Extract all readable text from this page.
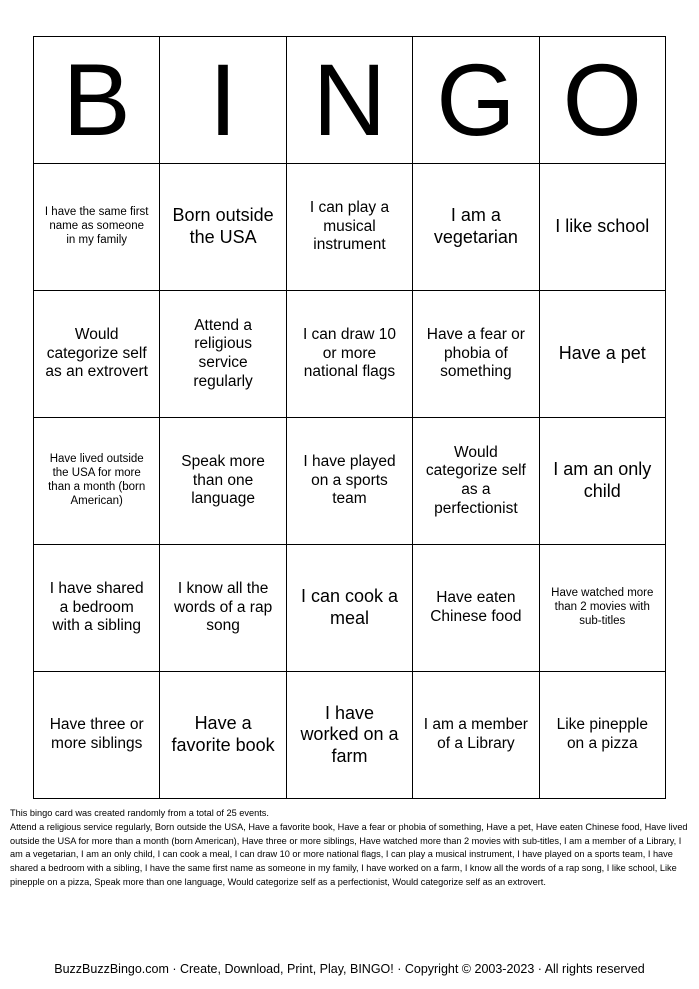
B	I	N	G	O
I have the same first name as someone in my family	Born outside the USA	I can play a musical instrument	I am a vegetarian	I like school
Would categorize self as an extrovert	Attend a religious service regularly	I can draw 10 or more national flags	Have a fear or phobia of something	Have a pet
Have lived outside the USA for more than a month (born American)	Speak more than one language	I have played on a sports team	Would categorize self as a perfectionist	I am an only child
I have shared a bedroom with a sibling	I know all the words of a rap song	I can cook a meal	Have eaten Chinese food	Have watched more than 2 movies with sub-titles
Have three or more siblings	Have a favorite book	I have worked on a farm	I am a member of a Library	Like pinepple on a pizza

This bingo card was created randomly from a total of 25 events.

Attend a religious service regularly, Born outside the USA, Have a favorite book, Have a fear or phobia of something, Have a pet, Have eaten Chinese food, Have lived outside the USA for more than a month (born American), Have three or more siblings, Have watched more than 2 movies with sub-titles, I am a member of a Library, I am a vegetarian, I am an only child, I can cook a meal, I can draw 10 or more national flags, I can play a musical instrument, I have played on a sports team, I have shared a bedroom with a sibling, I have the same first name as someone in my family, I have worked on a farm, I know all the words of a rap song, I like school, Like pinepple on a pizza, Speak more than one language, Would categorize self as a perfectionist, Would categorize self as an extrovert.

BuzzBuzzBingo.com · Create, Download, Print, Play, BINGO! · Copyright © 2003-2023 · All rights reserved
